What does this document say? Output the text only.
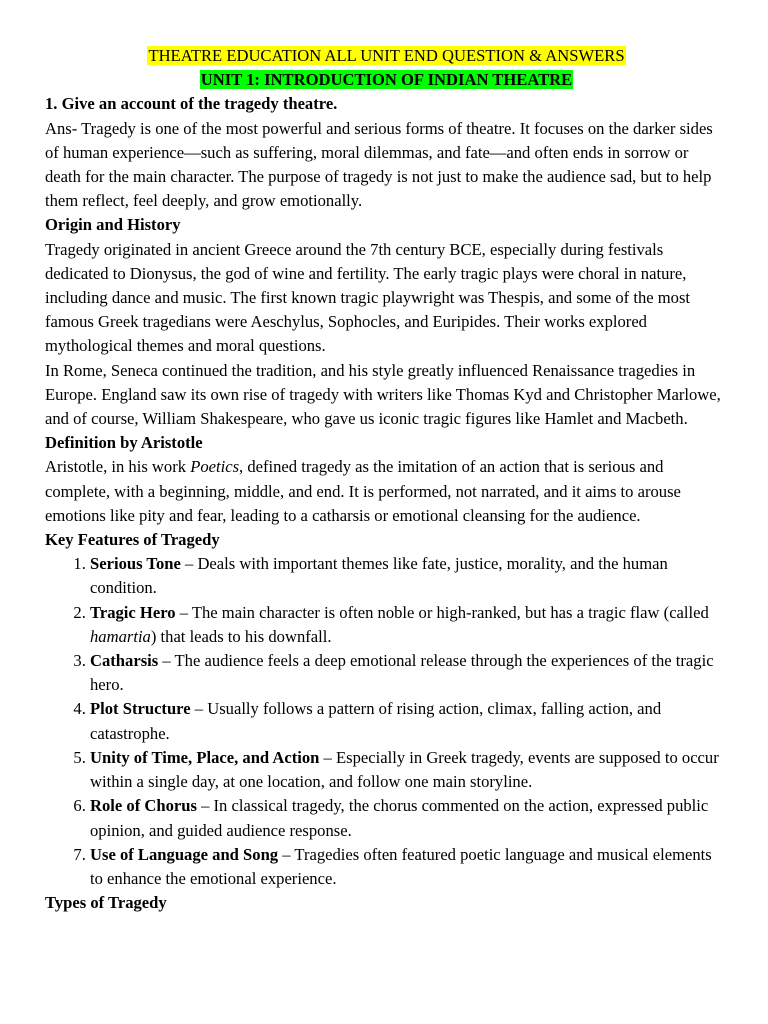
THEATRE EDUCATION ALL UNIT END QUESTION & ANSWERS
UNIT 1: INTRODUCTION OF INDIAN THEATRE

1. Give an account of the tragedy theatre.

Ans- Tragedy is one of the most powerful and serious forms of theatre. It focuses on the darker sides of human experience—such as suffering, moral dilemmas, and fate—and often ends in sorrow or death for the main character. The purpose of tragedy is not just to make the audience sad, but to help them reflect, feel deeply, and grow emotionally.

Origin and History

Tragedy originated in ancient Greece around the 7th century BCE, especially during festivals dedicated to Dionysus, the god of wine and fertility. The early tragic plays were choral in nature, including dance and music. The first known tragic playwright was Thespis, and some of the most famous Greek tragedians were Aeschylus, Sophocles, and Euripides. Their works explored mythological themes and moral questions.

In Rome, Seneca continued the tradition, and his style greatly influenced Renaissance tragedies in Europe. England saw its own rise of tragedy with writers like Thomas Kyd and Christopher Marlowe, and of course, William Shakespeare, who gave us iconic tragic figures like Hamlet and Macbeth.

Definition by Aristotle

Aristotle, in his work Poetics, defined tragedy as the imitation of an action that is serious and complete, with a beginning, middle, and end. It is performed, not narrated, and it aims to arouse emotions like pity and fear, leading to a catharsis or emotional cleansing for the audience.

Key Features of Tragedy

1. Serious Tone – Deals with important themes like fate, justice, morality, and the human condition.
2. Tragic Hero – The main character is often noble or high-ranked, but has a tragic flaw (called hamartia) that leads to his downfall.
3. Catharsis – The audience feels a deep emotional release through the experiences of the tragic hero.
4. Plot Structure – Usually follows a pattern of rising action, climax, falling action, and catastrophe.
5. Unity of Time, Place, and Action – Especially in Greek tragedy, events are supposed to occur within a single day, at one location, and follow one main storyline.
6. Role of Chorus – In classical tragedy, the chorus commented on the action, expressed public opinion, and guided audience response.
7. Use of Language and Song – Tragedies often featured poetic language and musical elements to enhance the emotional experience.

Types of Tragedy
